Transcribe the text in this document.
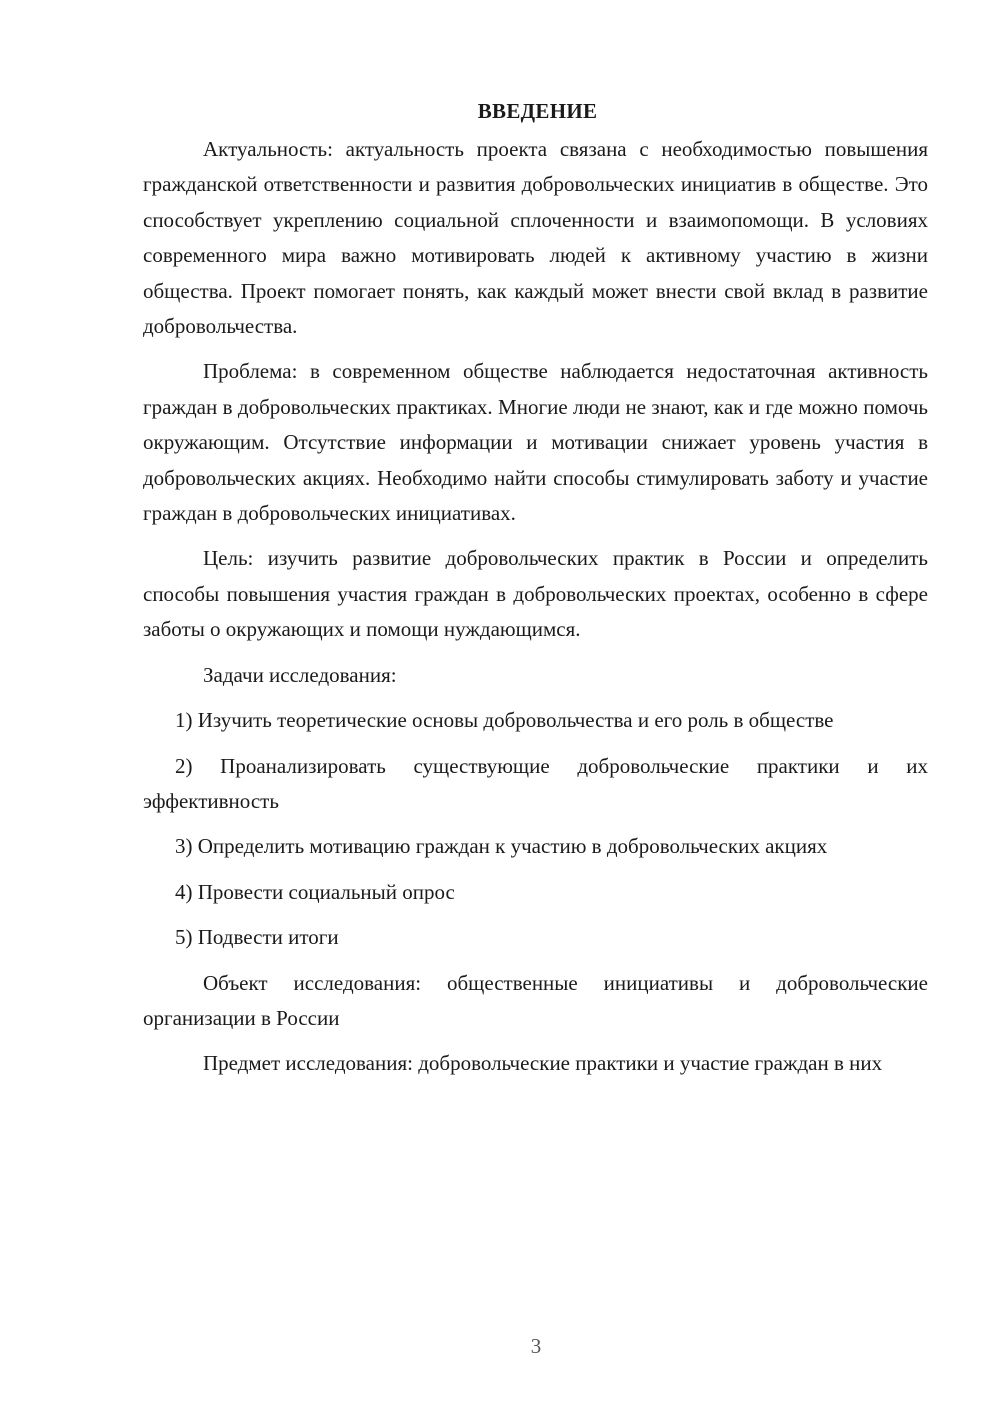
ВВЕДЕНИЕ

Актуальность: актуальность проекта связана с необходимостью повышения гражданской ответственности и развития добровольческих инициатив в обществе. Это способствует укреплению социальной сплоченности и взаимопомощи. В условиях современного мира важно мотивировать людей к активному участию в жизни общества. Проект помогает понять, как каждый может внести свой вклад в развитие добровольчества.

Проблема: в современном обществе наблюдается недостаточная активность граждан в добровольческих практиках. Многие люди не знают, как и где можно помочь окружающим. Отсутствие информации и мотивации снижает уровень участия в добровольческих акциях. Необходимо найти способы стимулировать заботу и участие граждан в добровольческих инициативах.

Цель: изучить развитие добровольческих практик в России и определить способы повышения участия граждан в добровольческих проектах, особенно в сфере заботы о окружающих и помощи нуждающимся.

Задачи исследования:

1) Изучить теоретические основы добровольчества и его роль в обществе

2) Проанализировать существующие добровольческие практики и их эффективность

3) Определить мотивацию граждан к участию в добровольческих акциях

4) Провести социальный опрос

5) Подвести итоги

Объект исследования: общественные инициативы и добровольческие организации в России

Предмет исследования: добровольческие практики и участие граждан в них

3
